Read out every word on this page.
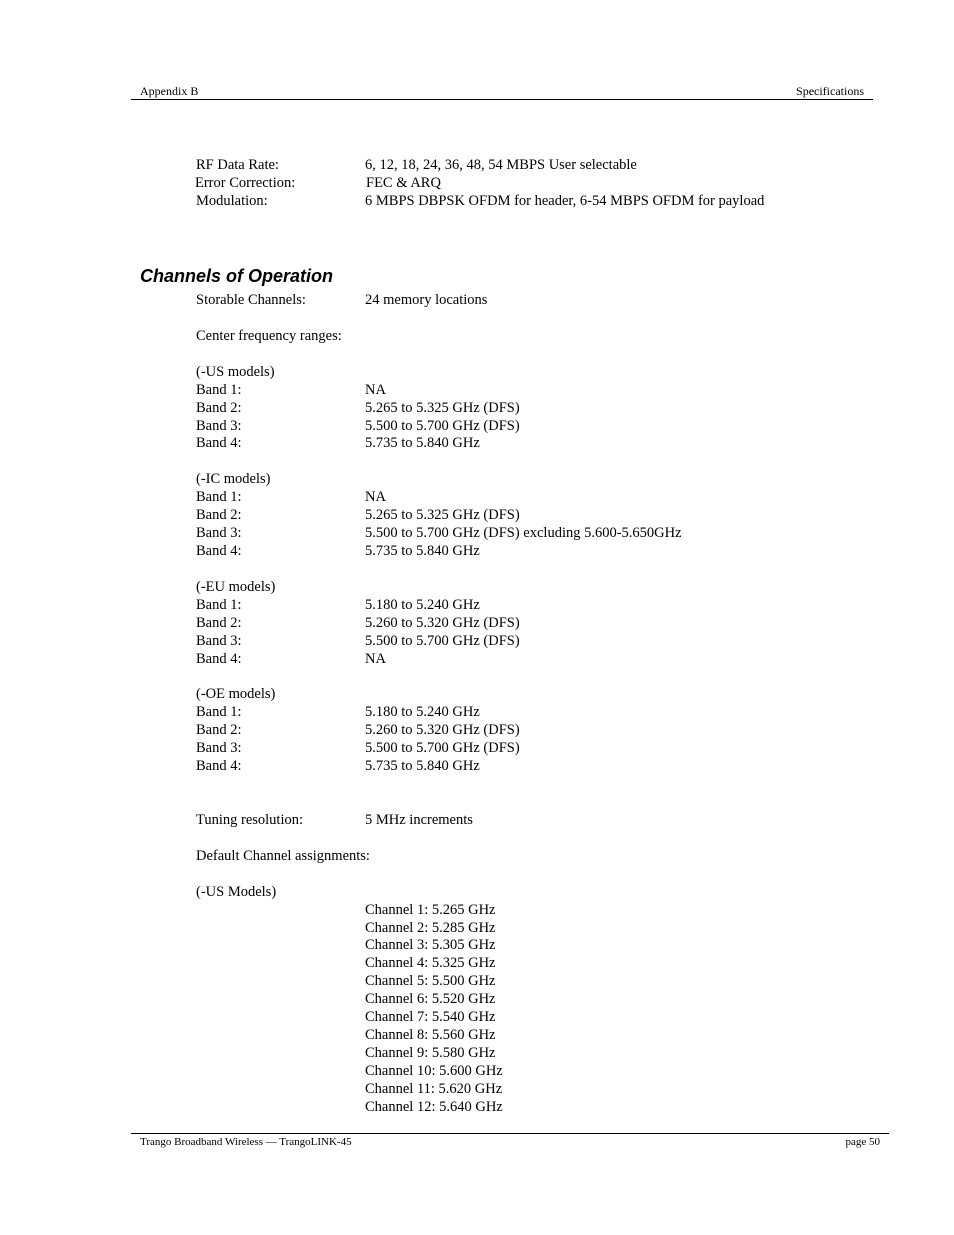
Appendix B	Specifications
RF Data Rate:	6, 12, 18, 24, 36, 48, 54 MBPS User selectable
Error Correction:	FEC & ARQ
Modulation:	6 MBPS DBPSK OFDM for header, 6-54 MBPS OFDM for payload
Channels of Operation
Storable Channels:	24 memory locations
Center frequency ranges:
(-US models)
Band 1:	NA
Band 2:	5.265 to 5.325 GHz (DFS)
Band 3:	5.500 to 5.700 GHz (DFS)
Band 4:	5.735 to 5.840 GHz
(-IC models)
Band 1:	NA
Band 2:	5.265 to 5.325 GHz (DFS)
Band 3:	5.500 to 5.700 GHz (DFS) excluding 5.600-5.650GHz
Band 4:	5.735 to 5.840 GHz
(-EU models)
Band 1:	5.180 to 5.240 GHz
Band 2:	5.260 to 5.320 GHz (DFS)
Band 3:	5.500 to 5.700 GHz (DFS)
Band 4:	NA
(-OE models)
Band 1:	5.180 to 5.240 GHz
Band 2:	5.260 to 5.320 GHz (DFS)
Band 3:	5.500 to 5.700 GHz (DFS)
Band 4:	5.735 to 5.840 GHz
Tuning resolution:	5 MHz increments
Default Channel assignments:
(-US Models)
Channel 1: 5.265 GHz
Channel 2: 5.285 GHz
Channel 3: 5.305 GHz
Channel 4: 5.325 GHz
Channel 5: 5.500 GHz
Channel 6: 5.520 GHz
Channel 7: 5.540 GHz
Channel 8: 5.560 GHz
Channel 9: 5.580 GHz
Channel 10: 5.600 GHz
Channel 11: 5.620 GHz
Channel 12: 5.640 GHz
Trango Broadband Wireless — TrangoLINK-45	page 50
